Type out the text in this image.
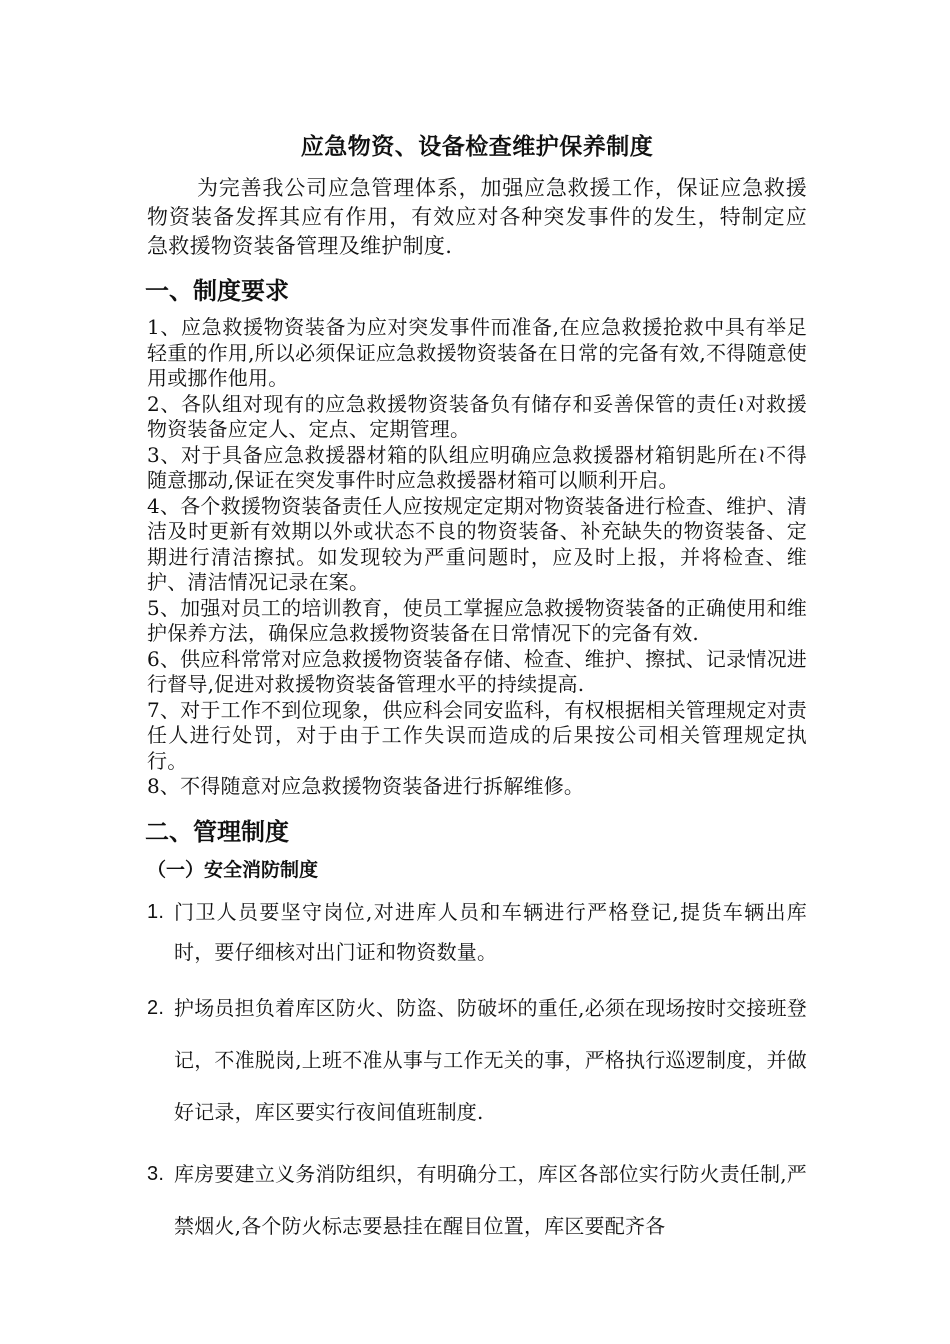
应急物资、设备检查维护保养制度

为完善我公司应急管理体系，加强应急救援工作，保证应急救援物资装备发挥其应有作用，有效应对各种突发事件的发生，特制定应急救援物资装备管理及维护制度.

一、制度要求

1、应急救援物资装备为应对突发事件而准备,在应急救援抢救中具有举足轻重的作用,所以必须保证应急救援物资装备在日常的完备有效,不得随意使用或挪作他用。

2、各队组对现有的应急救援物资装备负有储存和妥善保管的责任≀对救援物资装备应定人、定点、定期管理。

3、对于具备应急救援器材箱的队组应明确应急救援器材箱钥匙所在≀不得随意挪动,保证在突发事件时应急救援器材箱可以顺利开启。

4、各个救援物资装备责任人应按规定定期对物资装备进行检查、维护、清洁及时更新有效期以外或状态不良的物资装备、补充缺失的物资装备、定期进行清洁擦拭。如发现较为严重问题时，应及时上报，并将检查、维护、清洁情况记录在案。

5、加强对员工的培训教育，使员工掌握应急救援物资装备的正确使用和维护保养方法，确保应急救援物资装备在日常情况下的完备有效.

6、供应科常常对应急救援物资装备存储、检查、维护、擦拭、记录情况进行督导,促进对救援物资装备管理水平的持续提高.

7、对于工作不到位现象，供应科会同安监科，有权根据相关管理规定对责任人进行处罚，对于由于工作失误而造成的后果按公司相关管理规定执行。

8、不得随意对应急救援物资装备进行拆解维修。

二、管理制度
（一）安全消防制度
1. 门卫人员要坚守岗位,对进库人员和车辆进行严格登记,提货车辆出库时，要仔细核对出门证和物资数量。
2. 护场员担负着库区防火、防盗、防破坏的重任,必须在现场按时交接班登记，不准脱岗,上班不准从事与工作无关的事，严格执行巡逻制度，并做好记录，库区要实行夜间值班制度.
3. 库房要建立义务消防组织，有明确分工，库区各部位实行防火责任制,严禁烟火,各个防火标志要悬挂在醒目位置，库区要配齐各
